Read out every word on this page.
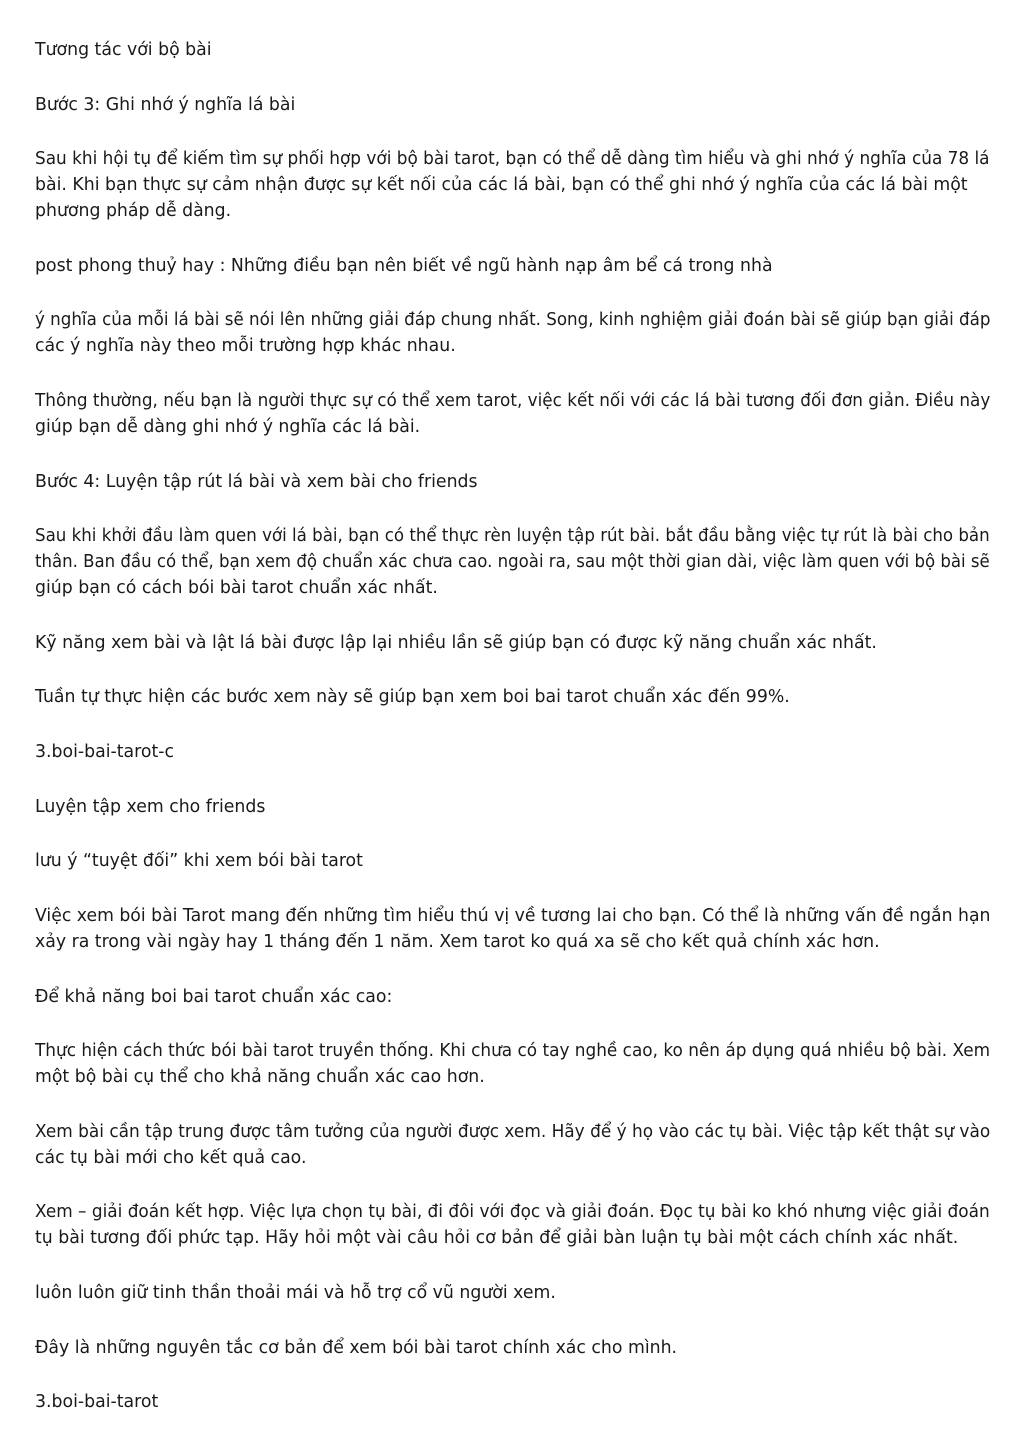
Tương tác với bộ bài

Bước 3: Ghi nhớ ý nghĩa lá bài

Sau khi hội tụ để kiếm tìm sự phối hợp với bộ bài tarot, bạn có thể dễ dàng tìm hiểu và ghi nhớ ý nghĩa của 78 lá
bài. Khi bạn thực sự cảm nhận được sự kết nối của các lá bài, bạn có thể ghi nhớ ý nghĩa của các lá bài một
phương pháp dễ dàng.

post phong thuỷ hay : Những điều bạn nên biết về ngũ hành nạp âm bể cá trong nhà

ý nghĩa của mỗi lá bài sẽ nói lên những giải đáp chung nhất. Song, kinh nghiệm giải đoán bài sẽ giúp bạn giải đáp
các ý nghĩa này theo mỗi trường hợp khác nhau.

Thông thường, nếu bạn là người thực sự có thể xem tarot, việc kết nối với các lá bài tương đối đơn giản. Điều này
giúp bạn dễ dàng ghi nhớ ý nghĩa các lá bài.

Bước 4: Luyện tập rút lá bài và xem bài cho friends

Sau khi khởi đầu làm quen với lá bài, bạn có thể thực rèn luyện tập rút bài. bắt đầu bằng việc tự rút là bài cho bản
thân. Ban đầu có thể, bạn xem độ chuẩn xác chưa cao. ngoài ra, sau một thời gian dài, việc làm quen với bộ bài sẽ
giúp bạn có cách bói bài tarot chuẩn xác nhất.

Kỹ năng xem bài và lật lá bài được lập lại nhiều lần sẽ giúp bạn có được kỹ năng chuẩn xác nhất.

Tuần tự thực hiện các bước xem này sẽ giúp bạn xem boi bai tarot chuẩn xác đến 99%.

3.boi-bai-tarot-c

Luyện tập xem cho friends

lưu ý “tuyệt đối” khi xem bói bài tarot

Việc xem bói bài Tarot mang đến những tìm hiểu thú vị về tương lai cho bạn. Có thể là những vấn đề ngắn hạn
xảy ra trong vài ngày hay 1 tháng đến 1 năm. Xem tarot ko quá xa sẽ cho kết quả chính xác hơn.

Để khả năng boi bai tarot chuẩn xác cao:

Thực hiện cách thức bói bài tarot truyền thống. Khi chưa có tay nghề cao, ko nên áp dụng quá nhiều bộ bài. Xem
một bộ bài cụ thể cho khả năng chuẩn xác cao hơn.

Xem bài cần tập trung được tâm tưởng của người được xem. Hãy để ý họ vào các tụ bài. Việc tập kết thật sự vào
các tụ bài mới cho kết quả cao.

Xem – giải đoán kết hợp. Việc lựa chọn tụ bài, đi đôi với đọc và giải đoán. Đọc tụ bài ko khó nhưng việc giải đoán
tụ bài tương đối phức tạp. Hãy hỏi một vài câu hỏi cơ bản để giải bàn luận tụ bài một cách chính xác nhất.

luôn luôn giữ tinh thần thoải mái và hỗ trợ cổ vũ người xem.

Đây là những nguyên tắc cơ bản để xem bói bài tarot chính xác cho mình.

3.boi-bai-tarot
